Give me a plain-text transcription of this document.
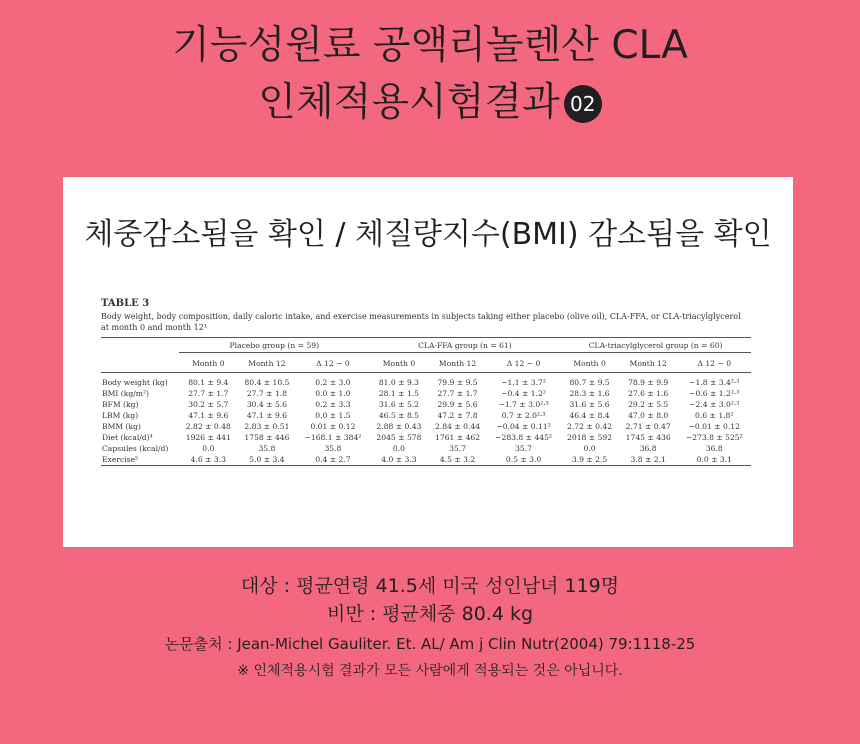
기능성원료 공액리놀렌산 CLA
인체적용시험결과 02
체중감소됨을 확인 / 체질량지수(BMI) 감소됨을 확인
TABLE 3
Body weight, body composition, daily caloric intake, and exercise measurements in subjects taking either placebo (olive oil), CLA-FFA, or CLA-triacylglycerol at month 0 and month 12¹
	Placebo group (n = 59)			CLA-FFA group (n = 61)			CLA-triacylglycerol group (n = 60)		
	Month 0	Month 12	Δ 12 − 0	Month 0	Month 12	Δ 12 − 0	Month 0	Month 12	Δ 12 − 0
Body weight (kg)	80.1 ± 9.4	80.4 ± 10.5	0.2 ± 3.0	81.0 ± 9.3	79.9 ± 9.5	−1.1 ± 3.7²	80.7 ± 9.5	78.9 ± 9.9	−1.8 ± 3.4²·³
BMI (kg/m²)	27.7 ± 1.7	27.7 ± 1.8	0.0 ± 1.0	28.1 ± 1.5	27.7 ± 1.7	−0.4 ± 1.2²	28.3 ± 1.6	27.6 ± 1.6	−0.6 ± 1.2²·³
BFM (kg)	30.2 ± 5.7	30.4 ± 5.6	0.2 ± 3.3	31.6 ± 5.2	29.9 ± 5.6	−1.7 ± 3.0²·³	31.6 ± 5.6	29.2 ± 5.5	−2.4 ± 3.0²·³
LBM (kg)	47.1 ± 9.6	47.1 ± 9.6	0.0 ± 1.5	46.5 ± 8.5	47.2 ± 7.8	0.7 ± 2.0²·³	46.4 ± 8.4	47.0 ± 8.0	0.6 ± 1.8²
BMM (kg)	2.82 ± 0.48	2.83 ± 0.51	0.01 ± 0.12	2.88 ± 0.43	2.84 ± 0.44	−0.04 ± 0.11²	2.72 ± 0.42	2.71 ± 0.47	−0.01 ± 0.12
Diet (kcal/d)⁴	1926 ± 441	1758 ± 446	−168.1 ± 384²	2045 ± 578	1761 ± 462	−283.8 ± 445²	2018 ± 592	1745 ± 436	−273.8 ± 525²
Capsules (kcal/d)	0.0	35.8	35.8	0.0	35.7	35.7	0.0	36.8	36.8
Exercise⁵	4.6 ± 3.3	5.0 ± 3.4	0.4 ± 2.7	4.0 ± 3.3	4.5 ± 3.2	0.5 ± 3.0	3.9 ± 2.5	3.8 ± 2.1	0.0 ± 3.1
대상 : 평균연령 41.5세 미국 성인남녀 119명
비만 : 평균체중 80.4 kg
논문출처 : Jean-Michel Gauliter. Et. AL/ Am j Clin Nutr(2004) 79:1118-25
※ 인체적용시험 결과가 모든 사람에게 적용되는 것은 아닙니다.
